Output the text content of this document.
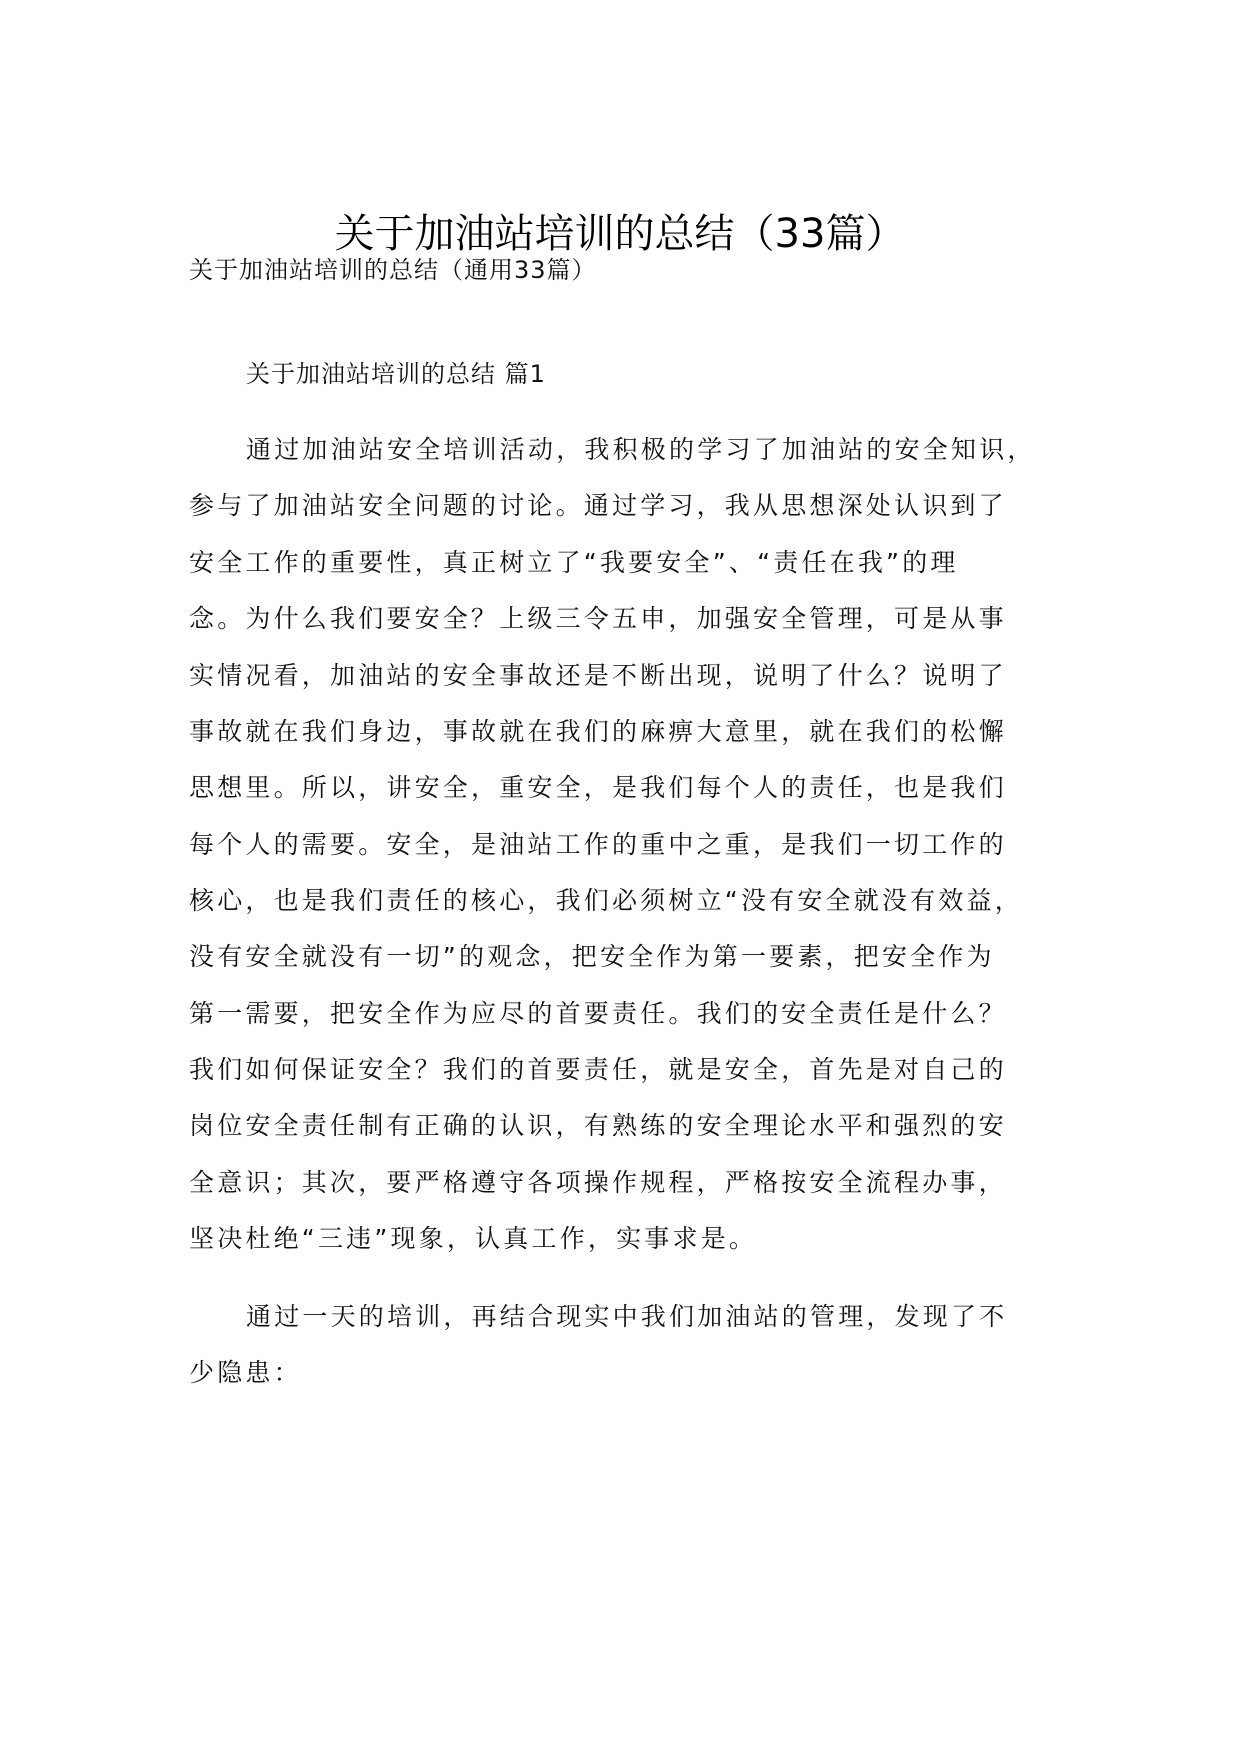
关于加油站培训的总结（33篇）

关于加油站培训的总结（通用33篇）

关于加油站培训的总结 篇1

通过加油站安全培训活动，我积极的学习了加油站的安全知识，

参与了加油站安全问题的讨论。通过学习，我从思想深处认识到了

安全工作的重要性，真正树立了“我要安全”、“责任在我”的理

念。为什么我们要安全？上级三令五申，加强安全管理，可是从事

实情况看，加油站的安全事故还是不断出现，说明了什么？说明了

事故就在我们身边，事故就在我们的麻痹大意里，就在我们的松懈

思想里。所以，讲安全，重安全，是我们每个人的责任，也是我们

每个人的需要。安全，是油站工作的重中之重，是我们一切工作的

核心，也是我们责任的核心，我们必须树立“没有安全就没有效益，

没有安全就没有一切”的观念，把安全作为第一要素，把安全作为

第一需要，把安全作为应尽的首要责任。我们的安全责任是什么？

我们如何保证安全？我们的首要责任，就是安全，首先是对自己的

岗位安全责任制有正确的认识，有熟练的安全理论水平和强烈的安

全意识；其次，要严格遵守各项操作规程，严格按安全流程办事，

坚决杜绝“三违”现象，认真工作，实事求是。

通过一天的培训，再结合现实中我们加油站的管理，发现了不

少隐患：
